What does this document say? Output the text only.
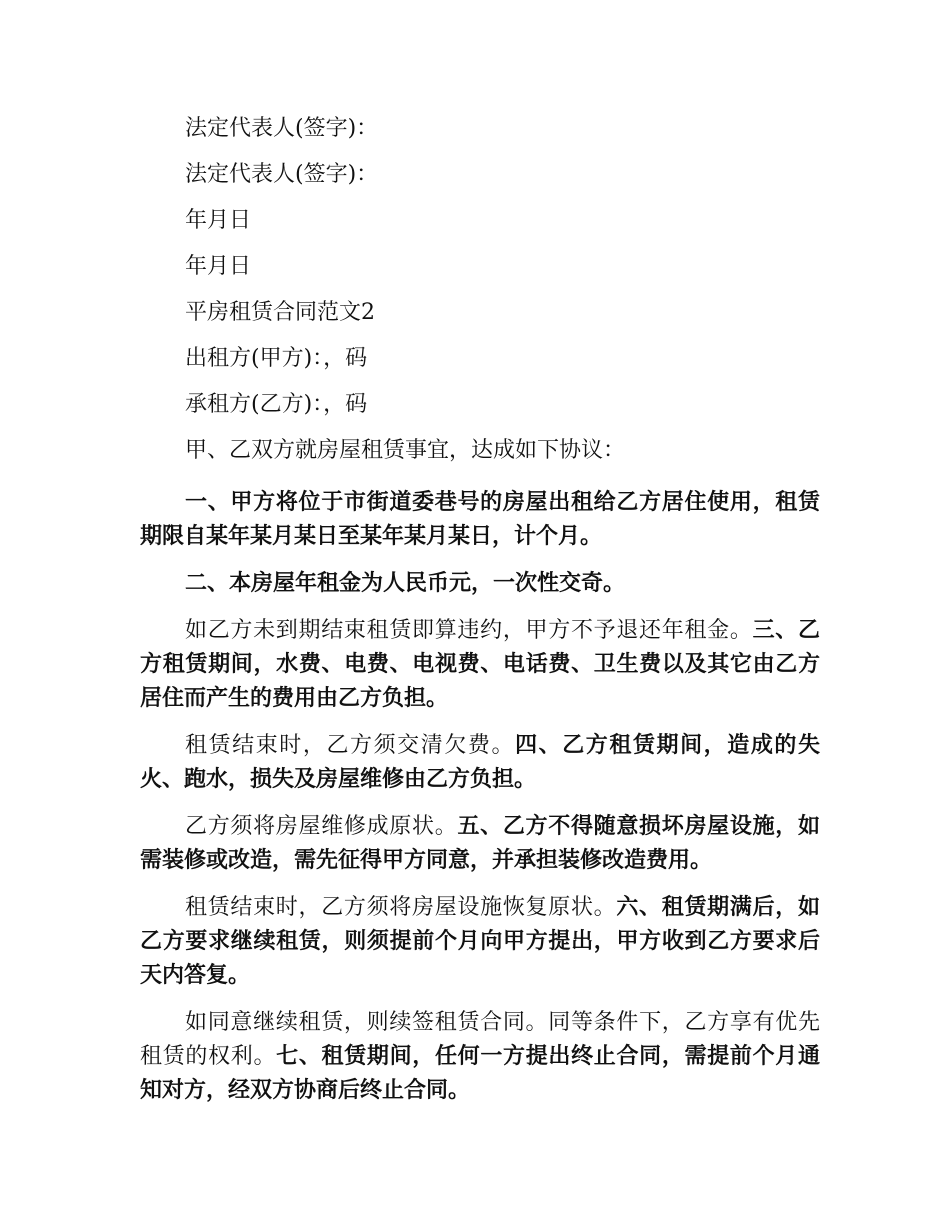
法定代表人(签字)：

法定代表人(签字)：

年月日

年月日

平房租赁合同范文2

出租方(甲方)：，码

承租方(乙方)：，码

甲、乙双方就房屋租赁事宜，达成如下协议：

一、甲方将位于市街道委巷号的房屋出租给乙方居住使用，租赁期限自某年某月某日至某年某月某日，计个月。

二、本房屋年租金为人民币元，一次性交奇。

如乙方未到期结束租赁即算违约，甲方不予退还年租金。三、乙方租赁期间，水费、电费、电视费、电话费、卫生费以及其它由乙方居住而产生的费用由乙方负担。

租赁结束时，乙方须交清欠费。四、乙方租赁期间，造成的失火、跑水，损失及房屋维修由乙方负担。

乙方须将房屋维修成原状。五、乙方不得随意损坏房屋设施，如需装修或改造，需先征得甲方同意，并承担装修改造费用。

租赁结束时，乙方须将房屋设施恢复原状。六、租赁期满后，如乙方要求继续租赁，则须提前个月向甲方提出，甲方收到乙方要求后天内答复。

如同意继续租赁，则续签租赁合同。同等条件下，乙方享有优先租赁的权利。七、租赁期间，任何一方提出终止合同，需提前个月通知对方，经双方协商后终止合同。
